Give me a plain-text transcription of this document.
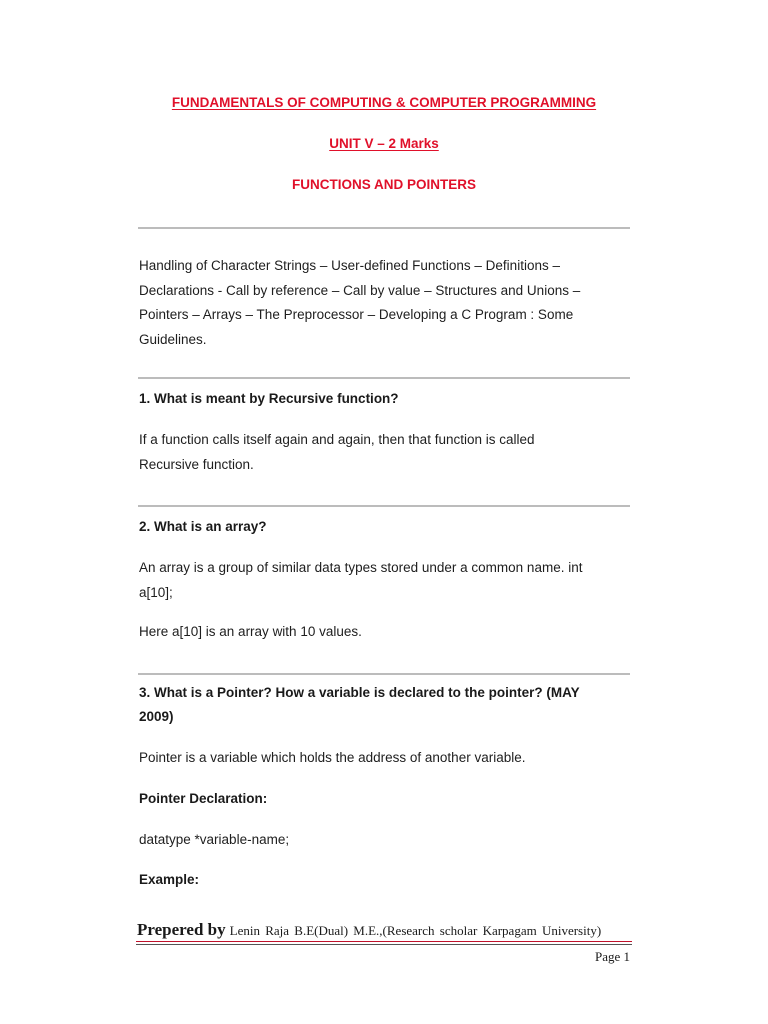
FUNDAMENTALS OF COMPUTING & COMPUTER PROGRAMMING
UNIT V – 2 Marks
FUNCTIONS AND POINTERS
Handling of Character Strings – User-defined Functions – Definitions –
Declarations - Call by reference – Call by value – Structures and Unions –
Pointers – Arrays – The Preprocessor – Developing a C Program : Some
Guidelines.
1. What is meant by Recursive function?
If a function calls itself again and again, then that function is called
Recursive function.
2. What is an array?
An array is a group of similar data types stored under a common name. int
a[10];
Here a[10] is an array with 10 values.
3. What is a Pointer? How a variable is declared to the pointer? (MAY
2009)
Pointer is a variable which holds the address of another variable.
Pointer Declaration:
datatype *variable-name;
Example:
Prepered by Lenin Raja B.E(Dual) M.E.,(Research scholar Karpagam University)
Page 1
